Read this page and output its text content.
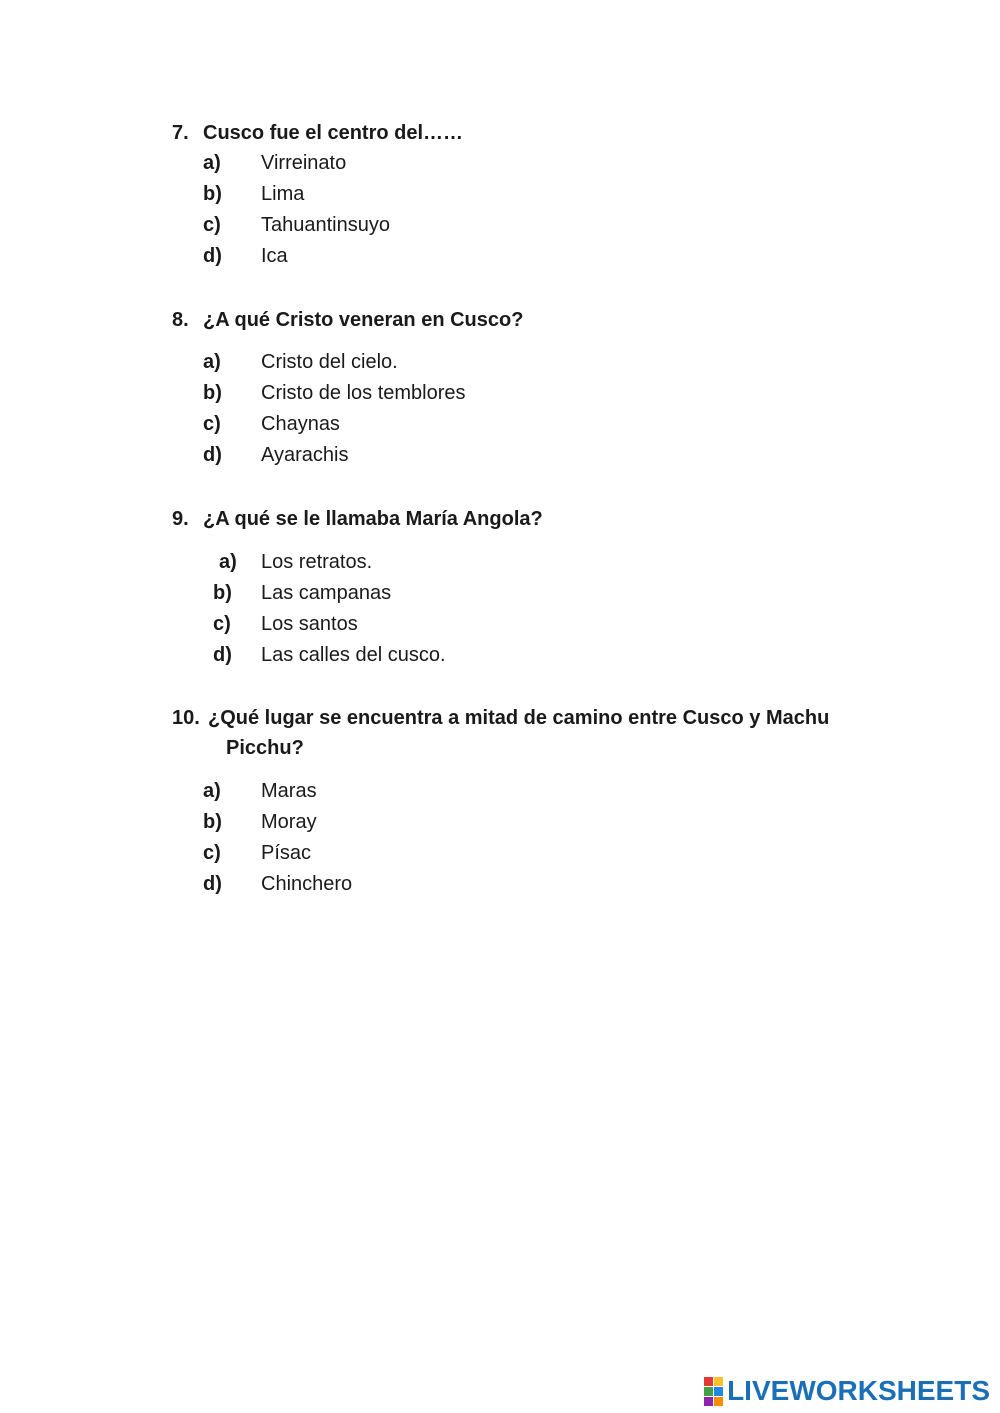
7. Cusco fue el centro del……
a) Virreinato
b) Lima
c) Tahuantinsuyo
d) Ica
8. ¿A qué Cristo veneran en Cusco?
a) Cristo del cielo.
b) Cristo de los temblores
c) Chaynas
d) Ayarachis
9. ¿A qué se le llamaba María Angola?
a) Los retratos.
b) Las campanas
c) Los santos
d) Las calles del cusco.
10. ¿Qué lugar se encuentra a mitad de camino entre Cusco y Machu
Picchu?
a) Maras
b) Moray
c) Písac
d) Chinchero
LIVEWORKSHEETS
